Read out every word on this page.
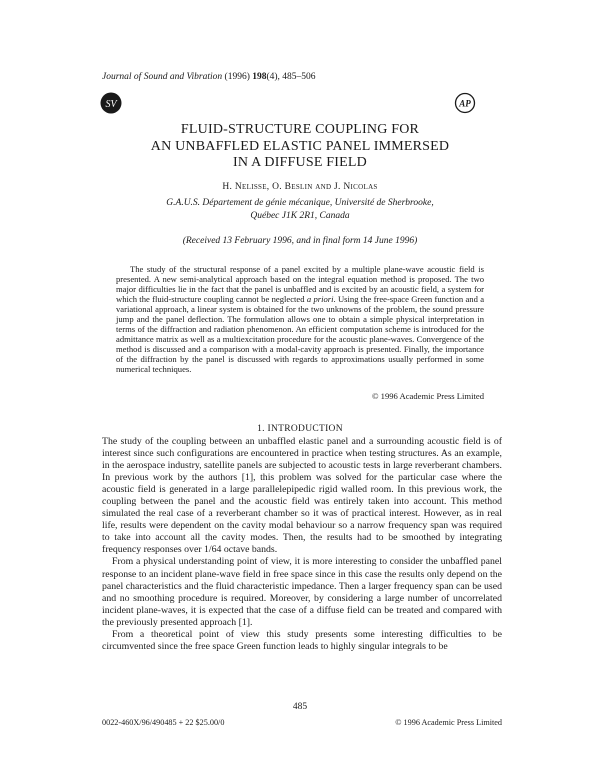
Journal of Sound and Vibration (1996) 198(4), 485–506
SV	AP
FLUID-STRUCTURE COUPLING FOR
AN UNBAFFLED ELASTIC PANEL IMMERSED
IN A DIFFUSE FIELD
H. Nelisse, O. Beslin and J. Nicolas
G.A.U.S. Département de génie mécanique, Université de Sherbrooke,
Québec J1K 2R1, Canada
(Received 13 February 1996, and in final form 14 June 1996)

The study of the structural response of a panel excited by a multiple plane-wave acoustic field is presented. A new semi-analytical approach based on the integral equation method is proposed. The two major difficulties lie in the fact that the panel is unbaffled and is excited by an acoustic field, a system for which the fluid-structure coupling cannot be neglected a priori. Using the free-space Green function and a variational approach, a linear system is obtained for the two unknowns of the problem, the sound pressure jump and the panel deflection. The formulation allows one to obtain a simple physical interpretation in terms of the diffraction and radiation phenomenon. An efficient computation scheme is introduced for the admittance matrix as well as a multiexcitation procedure for the acoustic plane-waves. Convergence of the method is discussed and a comparison with a modal-cavity approach is presented. Finally, the importance of the diffraction by the panel is discussed with regards to approximations usually performed in some numerical techniques.

© 1996 Academic Press Limited
1. INTRODUCTION

The study of the coupling between an unbaffled elastic panel and a surrounding acoustic field is of interest since such configurations are encountered in practice when testing structures. As an example, in the aerospace industry, satellite panels are subjected to acoustic tests in large reverberant chambers. In previous work by the authors [1], this problem was solved for the particular case where the acoustic field is generated in a large parallelepipedic rigid walled room. In this previous work, the coupling between the panel and the acoustic field was entirely taken into account. This method simulated the real case of a reverberant chamber so it was of practical interest. However, as in real life, results were dependent on the cavity modal behaviour so a narrow frequency span was required to take into account all the cavity modes. Then, the results had to be smoothed by integrating frequency responses over 1/64 octave bands.

From a physical understanding point of view, it is more interesting to consider the unbaffled panel response to an incident plane-wave field in free space since in this case the results only depend on the panel characteristics and the fluid characteristic impedance. Then a larger frequency span can be used and no smoothing procedure is required. Moreover, by considering a large number of uncorrelated incident plane-waves, it is expected that the case of a diffuse field can be treated and compared with the previously presented approach [1].

From a theoretical point of view this study presents some interesting difficulties to be circumvented since the free space Green function leads to highly singular integrals to be

485
0022-460X/96/490485 + 22 $25.00/0	© 1996 Academic Press Limited
